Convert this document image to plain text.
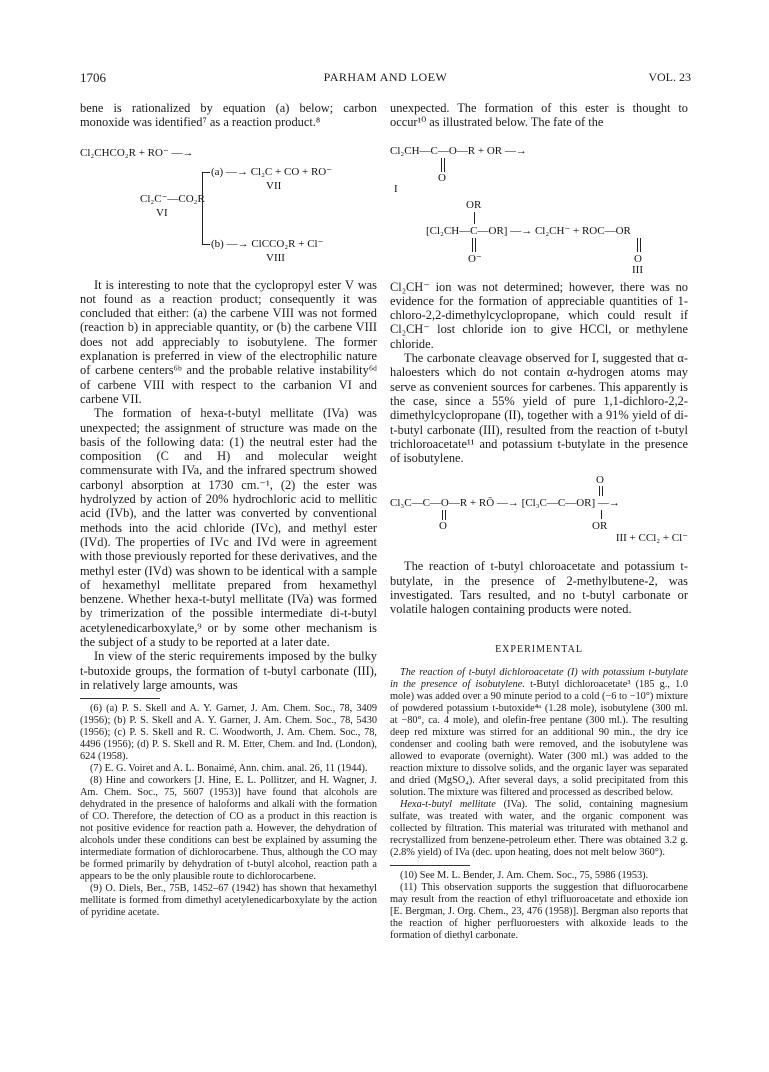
1706	PARHAM AND LOEW	VOL. 23

bene is rationalized by equation (a) below; carbon monoxide was identified⁷ as a reaction product.⁸

Cl₂CHCO₂R + RO⁻ —→
Cl₂C⁻—CO₂R
VI
(a) —→ Cl₂C + CO + RO⁻
VII
(b) —→ ClCCO₂R + Cl⁻
VIII

It is interesting to note that the cyclopropyl ester V was not found as a reaction product; consequently it was concluded that either: (a) the carbene VIII was not formed (reaction b) in appreciable quantity, or (b) the carbene VIII does not add appreciably to isobutylene. The former explanation is preferred in view of the electrophilic nature of carbene centers⁶ᵇ and the probable relative instability⁶ᵈ of carbene VIII with respect to the carbanion VI and carbene VII.

The formation of hexa-t-butyl mellitate (IVa) was unexpected; the assignment of structure was made on the basis of the following data: (1) the neutral ester had the composition (C and H) and molecular weight commensurate with IVa, and the infrared spectrum showed carbonyl absorption at 1730 cm.⁻¹, (2) the ester was hydrolyzed by action of 20% hydrochloric acid to mellitic acid (IVb), and the latter was converted by conventional methods into the acid chloride (IVc), and methyl ester (IVd). The properties of IVc and IVd were in agreement with those previously reported for these derivatives, and the methyl ester (IVd) was shown to be identical with a sample of hexamethyl mellitate prepared from hexamethyl benzene. Whether hexa-t-butyl mellitate (IVa) was formed by trimerization of the possible intermediate di-t-butyl acetylenedicarboxylate,⁹ or by some other mechanism is the subject of a study to be reported at a later date.

In view of the steric requirements imposed by the bulky t-butoxide groups, the formation of t-butyl carbonate (III), in relatively large amounts, was

(6) (a) P. S. Skell and A. Y. Garner, J. Am. Chem. Soc., 78, 3409 (1956); (b) P. S. Skell and A. Y. Garner, J. Am. Chem. Soc., 78, 5430 (1956); (c) P. S. Skell and R. C. Woodworth, J. Am. Chem. Soc., 78, 4496 (1956); (d) P. S. Skell and R. M. Etter, Chem. and Ind. (London), 624 (1958).

(7) E. G. Voiret and A. L. Bonaimé, Ann. chim. anal. 26, 11 (1944).

(8) Hine and coworkers [J. Hine, E. L. Pollitzer, and H. Wagner, J. Am. Chem. Soc., 75, 5607 (1953)] have found that alcohols are dehydrated in the presence of haloforms and alkali with the formation of CO. Therefore, the detection of CO as a product in this reaction is not positive evidence for reaction path a. However, the dehydration of alcohols under these conditions can best be explained by assuming the intermediate formation of dichlorocarbene. Thus, although the CO may be formed primarily by dehydration of t-butyl alcohol, reaction path a appears to be the only plausible route to dichlorocarbene.

(9) O. Diels, Ber., 75B, 1452–67 (1942) has shown that hexamethyl mellitate is formed from dimethyl acetylenedicarboxylate by the action of pyridine acetate.

unexpected. The formation of this ester is thought to occur¹⁰ as illustrated below. The fate of the

Cl₂CH—C—O—R + OR —→
O
I
OR
[Cl₂CH—C—OR] —→ Cl₂CH⁻ + ROC—OR
O⁻	O
III

Cl₂CH⁻ ion was not determined; however, there was no evidence for the formation of appreciable quantities of 1-chloro-2,2-dimethylcyclopropane, which could result if Cl₂CH⁻ lost chloride ion to give HCCl, or methylene chloride.

The carbonate cleavage observed for I, suggested that α-haloesters which do not contain α-hydrogen atoms may serve as convenient sources for carbenes. This apparently is the case, since a 55% yield of pure 1,1-dichloro-2,2-dimethylcyclopropane (II), together with a 91% yield of di-t-butyl carbonate (III), resulted from the reaction of t-butyl trichloroacetate¹¹ and potassium t-butylate in the presence of isobutylene.

O
Cl₃C—C—O—R + RŌ —→ [Cl₃C—C—OR] —→
O	OR
III + CCl₂ + Cl⁻

The reaction of t-butyl chloroacetate and potassium t-butylate, in the presence of 2-methylbutene-2, was investigated. Tars resulted, and no t-butyl carbonate or volatile halogen containing products were noted.

EXPERIMENTAL

The reaction of t-butyl dichloroacetate (I) with potassium t-butylate in the presence of isobutylene. t-Butyl dichloroacetate³ (185 g., 1.0 mole) was added over a 90 minute period to a cold (−6 to −10°) mixture of powdered potassium t-butoxide⁴ᵃ (1.28 mole), isobutylene (300 ml. at −80°, ca. 4 mole), and olefin-free pentane (300 ml.). The resulting deep red mixture was stirred for an additional 90 min., the dry ice condenser and cooling bath were removed, and the isobutylene was allowed to evaporate (overnight). Water (300 ml.) was added to the reaction mixture to dissolve solids, and the organic layer was separated and dried (MgSO₄). After several days, a solid precipitated from this solution. The mixture was filtered and processed as described below.

Hexa-t-butyl mellitate (IVa). The solid, containing magnesium sulfate, was treated with water, and the organic component was collected by filtration. This material was triturated with methanol and recrystallized from benzene-petroleum ether. There was obtained 3.2 g. (2.8% yield) of IVa (dec. upon heating, does not melt below 360°).

(10) See M. L. Bender, J. Am. Chem. Soc., 75, 5986 (1953).

(11) This observation supports the suggestion that difluorocarbene may result from the reaction of ethyl trifluoroacetate and ethoxide ion [E. Bergman, J. Org. Chem., 23, 476 (1958)]. Bergman also reports that the reaction of higher perfluoroesters with alkoxide leads to the formation of diethyl carbonate.
